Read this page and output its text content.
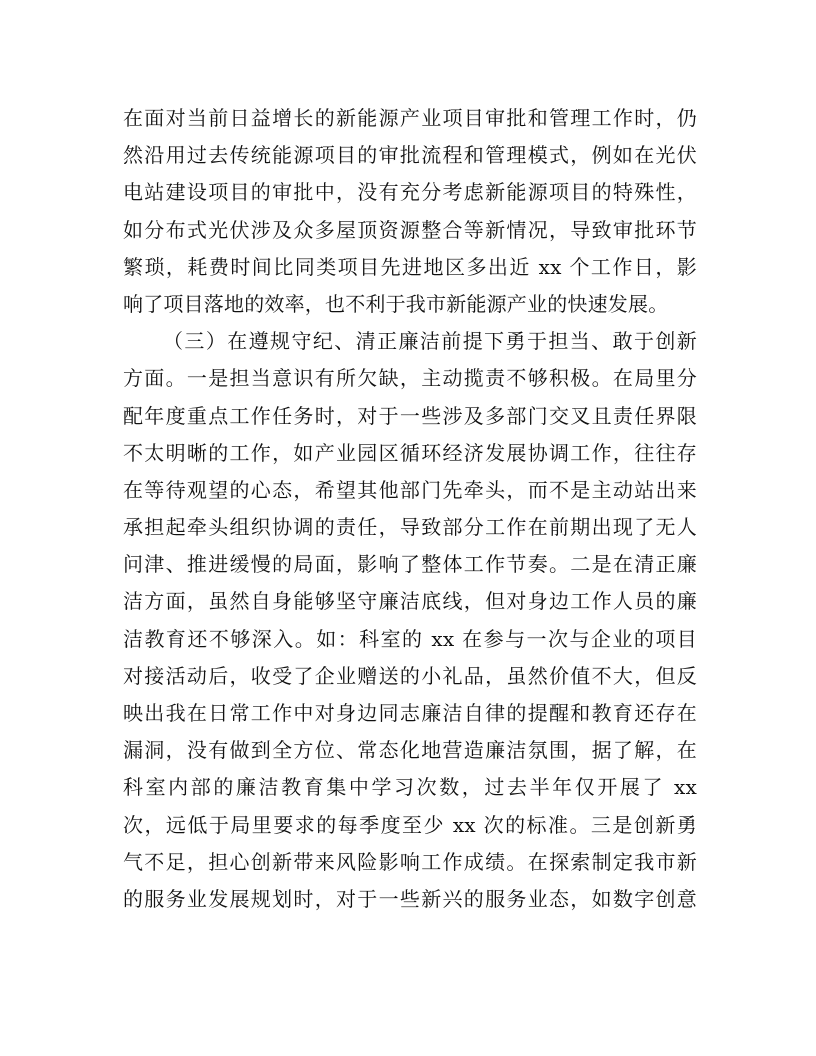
在面对当前日益增长的新能源产业项目审批和管理工作时，仍
然沿用过去传统能源项目的审批流程和管理模式，例如在光伏
电站建设项目的审批中，没有充分考虑新能源项目的特殊性，
如分布式光伏涉及众多屋顶资源整合等新情况，导致审批环节
繁琐，耗费时间比同类项目先进地区多出近 xx 个工作日，影
响了项目落地的效率，也不利于我市新能源产业的快速发展。
（三）在遵规守纪、清正廉洁前提下勇于担当、敢于创新
方面。一是担当意识有所欠缺，主动揽责不够积极。在局里分
配年度重点工作任务时，对于一些涉及多部门交叉且责任界限
不太明晰的工作，如产业园区循环经济发展协调工作，往往存
在等待观望的心态，希望其他部门先牵头，而不是主动站出来
承担起牵头组织协调的责任，导致部分工作在前期出现了无人
问津、推进缓慢的局面，影响了整体工作节奏。二是在清正廉
洁方面，虽然自身能够坚守廉洁底线，但对身边工作人员的廉
洁教育还不够深入。如：科室的 xx 在参与一次与企业的项目
对接活动后，收受了企业赠送的小礼品，虽然价值不大，但反
映出我在日常工作中对身边同志廉洁自律的提醒和教育还存在
漏洞，没有做到全方位、常态化地营造廉洁氛围，据了解，在
科室内部的廉洁教育集中学习次数，过去半年仅开展了 xx
次，远低于局里要求的每季度至少 xx 次的标准。三是创新勇
气不足，担心创新带来风险影响工作成绩。在探索制定我市新
的服务业发展规划时，对于一些新兴的服务业态，如数字创意
